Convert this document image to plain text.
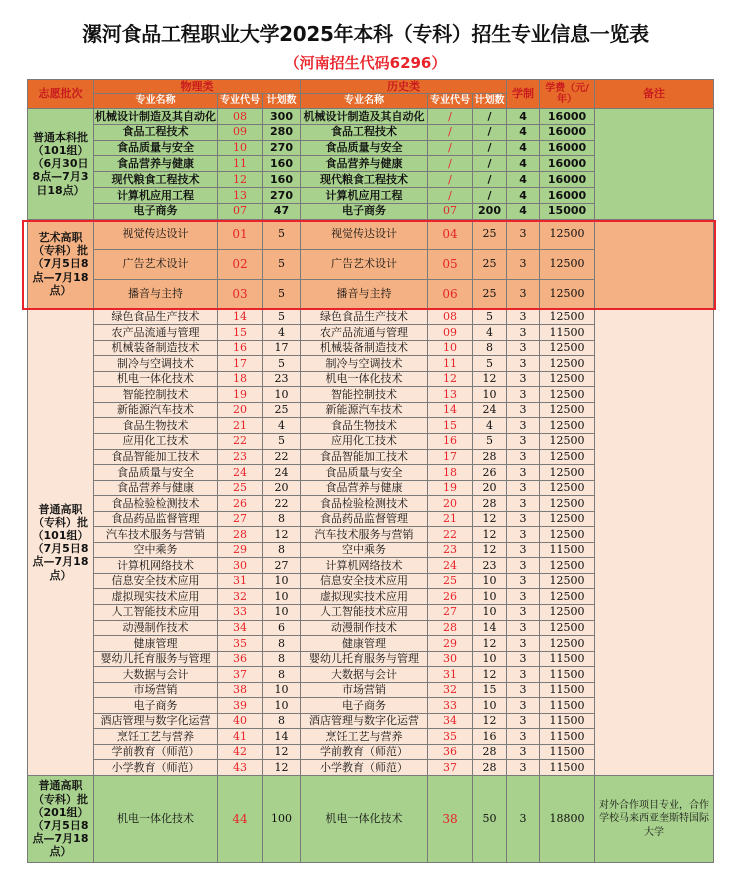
漯河食品工程职业大学2025年本科（专科）招生专业信息一览表
（河南招生代码6296）
志愿批次	物理类			历史类			学制	学费（元/年）	备注
	专业名称	专业代号	计划数	专业名称	专业代号	计划数			
普通本科批（101组）（6月30日8点—7月3日18点）	机械设计制造及其自动化	08	300	机械设计制造及其自动化	/	/	4	16000	
	食品工程技术	09	280	食品工程技术	/	/	4	16000	
	食品质量与安全	10	270	食品质量与安全	/	/	4	16000	
	食品营养与健康	11	160	食品营养与健康	/	/	4	16000	
	现代粮食工程技术	12	160	现代粮食工程技术	/	/	4	16000	
	计算机应用工程	13	270	计算机应用工程	/	/	4	16000	
	电子商务	07	47	电子商务	07	200	4	15000	
艺术高职（专科）批（7月5日8点—7月18点）	视觉传达设计	01	5	视觉传达设计	04	25	3	12500	
	广告艺术设计	02	5	广告艺术设计	05	25	3	12500	
	播音与主持	03	5	播音与主持	06	25	3	12500	
普通高职（专科）批（101组）（7月5日8点—7月18点）	绿色食品生产技术	14	5	绿色食品生产技术	08	5	3	12500	
	农产品流通与管理	15	4	农产品流通与管理	09	4	3	11500	
	机械装备制造技术	16	17	机械装备制造技术	10	8	3	12500	
	制冷与空调技术	17	5	制冷与空调技术	11	5	3	12500	
	机电一体化技术	18	23	机电一体化技术	12	12	3	12500	
	智能控制技术	19	10	智能控制技术	13	10	3	12500	
	新能源汽车技术	20	25	新能源汽车技术	14	24	3	12500	
	食品生物技术	21	4	食品生物技术	15	4	3	12500	
	应用化工技术	22	5	应用化工技术	16	5	3	12500	
	食品智能加工技术	23	22	食品智能加工技术	17	28	3	12500	
	食品质量与安全	24	24	食品质量与安全	18	26	3	12500	
	食品营养与健康	25	20	食品营养与健康	19	20	3	12500	
	食品检验检测技术	26	22	食品检验检测技术	20	28	3	12500	
	食品药品监督管理	27	8	食品药品监督管理	21	12	3	12500	
	汽车技术服务与营销	28	12	汽车技术服务与营销	22	12	3	12500	
	空中乘务	29	8	空中乘务	23	12	3	11500	
	计算机网络技术	30	27	计算机网络技术	24	23	3	12500	
	信息安全技术应用	31	10	信息安全技术应用	25	10	3	12500	
	虚拟现实技术应用	32	10	虚拟现实技术应用	26	10	3	12500	
	人工智能技术应用	33	10	人工智能技术应用	27	10	3	12500	
	动漫制作技术	34	6	动漫制作技术	28	14	3	12500	
	健康管理	35	8	健康管理	29	12	3	12500	
	婴幼儿托育服务与管理	36	8	婴幼儿托育服务与管理	30	10	3	11500	
	大数据与会计	37	8	大数据与会计	31	12	3	11500	
	市场营销	38	10	市场营销	32	15	3	11500	
	电子商务	39	10	电子商务	33	10	3	11500	
	酒店管理与数字化运营	40	8	酒店管理与数字化运营	34	12	3	11500	
	烹饪工艺与营养	41	14	烹饪工艺与营养	35	16	3	11500	
	学前教育（师范）	42	12	学前教育（师范）	36	28	3	11500	
	小学教育（师范）	43	12	小学教育（师范）	37	28	3	11500	
普通高职（专科）批（201组）（7月5日8点—7月18点）	机电一体化技术	44	100	机电一体化技术	38	50	3	18800	对外合作项目专业，合作学校马来西亚奎斯特国际大学
